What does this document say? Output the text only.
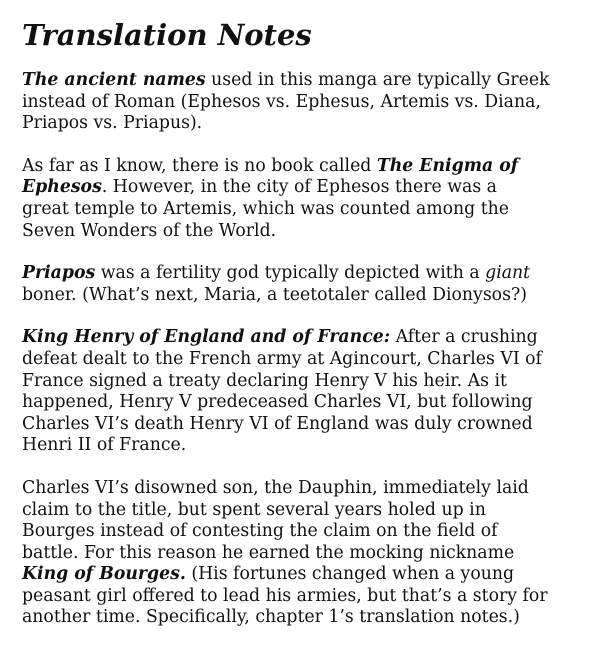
Translation Notes

The ancient names used in this manga are typically Greek
instead of Roman (Ephesos vs. Ephesus, Artemis vs. Diana,
Priapos vs. Priapus).

As far as I know, there is no book called The Enigma of
Ephesos. However, in the city of Ephesos there was a
great temple to Artemis, which was counted among the
Seven Wonders of the World.

Priapos was a fertility god typically depicted with a giant
boner. (What’s next, Maria, a teetotaler called Dionysos?)

King Henry of England and of France: After a crushing
defeat dealt to the French army at Agincourt, Charles VI of
France signed a treaty declaring Henry V his heir. As it
happened, Henry V predeceased Charles VI, but following
Charles VI’s death Henry VI of England was duly crowned
Henri II of France.

Charles VI’s disowned son, the Dauphin, immediately laid
claim to the title, but spent several years holed up in
Bourges instead of contesting the claim on the field of
battle. For this reason he earned the mocking nickname
King of Bourges. (His fortunes changed when a young
peasant girl offered to lead his armies, but that’s a story for
another time. Specifically, chapter 1’s translation notes.)
